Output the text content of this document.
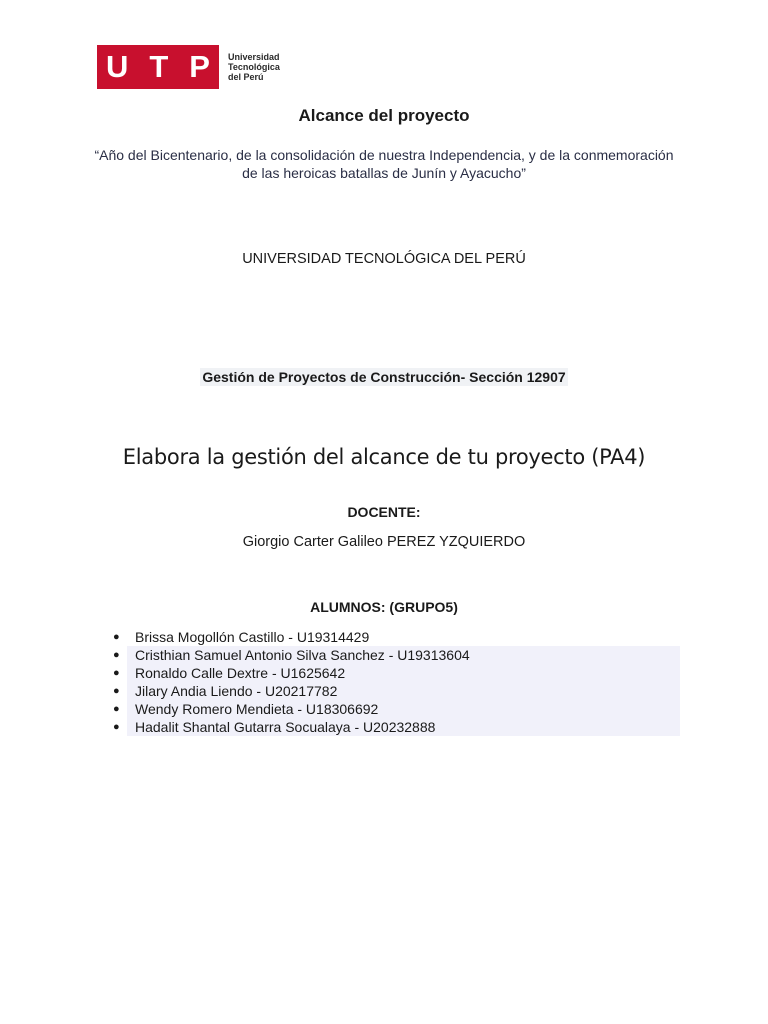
U T P Universidad
Tecnológica
del Perú
Alcance del proyecto
“Año del Bicentenario, de la consolidación de nuestra Independencia, y de la conmemoración
de las heroicas batallas de Junín y Ayacucho”
UNIVERSIDAD TECNOLÓGICA DEL PERÚ
Gestión de Proyectos de Construcción- Sección 12907
Elabora la gestión del alcance de tu proyecto (PA4)
DOCENTE:
Giorgio Carter Galileo PEREZ YZQUIERDO
ALUMNOS: (GRUPO5)
● Brissa Mogollón Castillo - U19314429
● Cristhian Samuel Antonio Silva Sanchez - U19313604
● Ronaldo Calle Dextre - U1625642
● Jilary Andia Liendo - U20217782
● Wendy Romero Mendieta - U18306692
● Hadalit Shantal Gutarra Socualaya - U20232888
